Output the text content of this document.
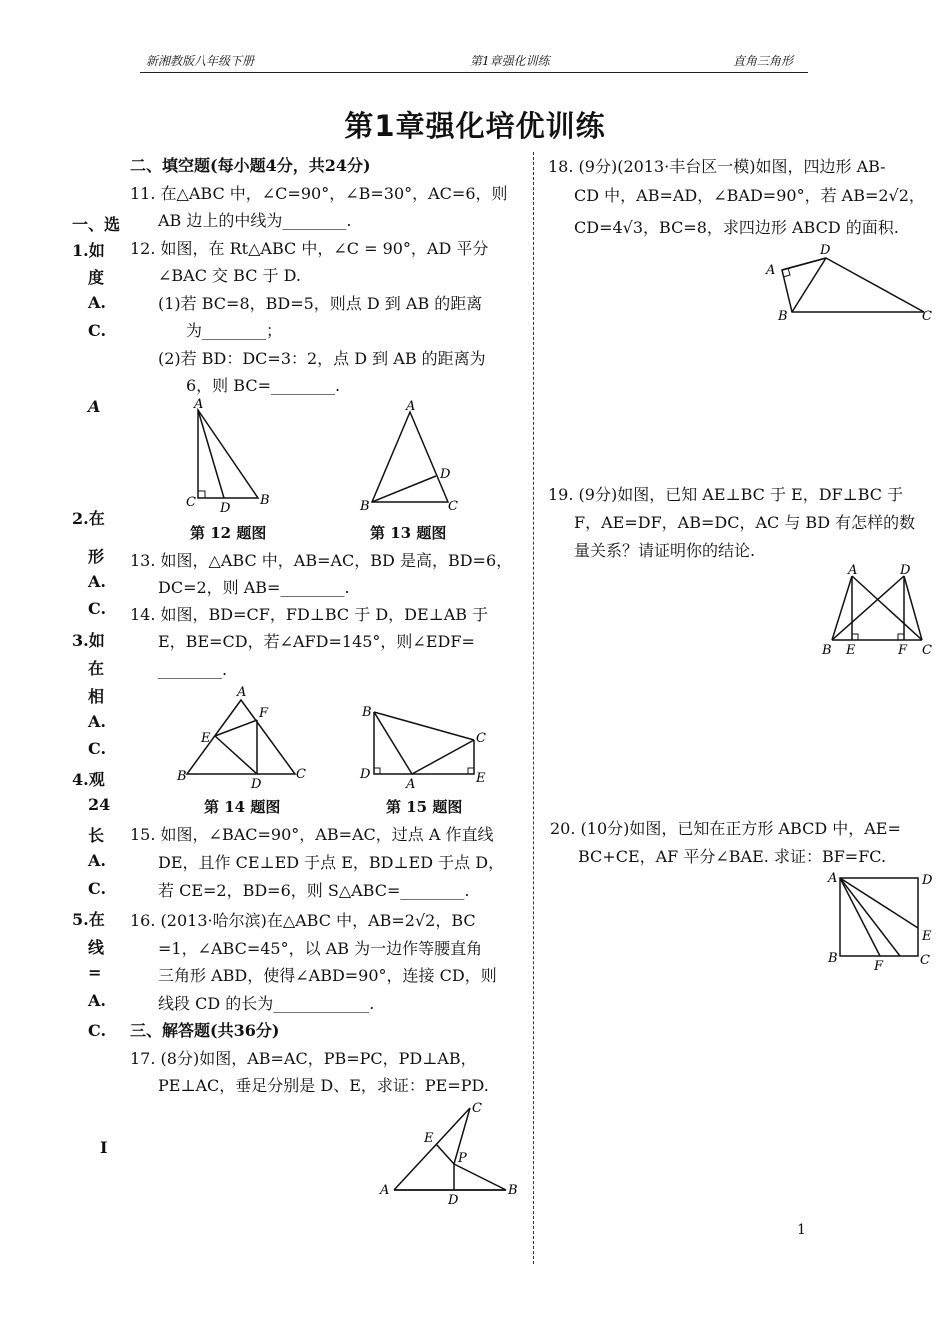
新湘教版八年级下册	第1章强化训练	直角三角形
第1章强化培优训练
一、选
1.如
度
A.
C.
A
2.在
形
A.
C.
3.如
在
相
A.
C.
4.观
24
长
A.
C.
5.在
线
=
A.
C.
I
二、填空题(每小题4分，共24分)
11. 在△ABC 中，∠C=90°，∠B=30°，AC=6，则
AB 边上的中线为________.
12. 如图，在 Rt△ABC 中，∠C = 90°，AD 平分
∠BAC 交 BC 于 D.
(1)若 BC=8，BD=5，则点 D 到 AB 的距离
为________；
(2)若 BD：DC=3：2，点 D 到 AB 的距离为
6，则 BC=________.
A
C D
B
第 12 题图
A
B	C
D
第 13 题图
13. 如图，△ABC 中，AB=AC，BD 是高，BD=6，
DC=2，则 AB=________.
14. 如图，BD=CF，FD⊥BC 于 D，DE⊥AB 于
E，BE=CD，若∠AFD=145°，则∠EDF=
________.
A
F
E
B
D
C
第 14 题图
B
C
D
A	E
第 15 题图
15. 如图，∠BAC=90°，AB=AC，过点 A 作直线
DE，且作 CE⊥ED 于点 E，BD⊥ED 于点 D，
若 CE=2，BD=6，则 S△ABC=________.
16. (2013·哈尔滨)在△ABC 中，AB=2√2，BC
=1，∠ABC=45°，以 AB 为一边作等腰直角
三角形 ABD，使得∠ABD=90°，连接 CD，则
线段 CD 的长为____________.
三、解答题(共36分)
17. (8分)如图，AB=AC，PB=PC，PD⊥AB，
PE⊥AC，垂足分别是 D、E，求证：PE=PD.
C
E
P
A
D
B
18. (9分)(2013·丰台区一模)如图，四边形 AB-
CD 中，AB=AD，∠BAD=90°，若 AB=2√2，
CD=4√3，BC=8，求四边形 ABCD 的面积.
D
A
B	C
19. (9分)如图，已知 AE⊥BC 于 E，DF⊥BC 于
F，AE=DF，AB=DC，AC 与 BD 有怎样的数
量关系？请证明你的结论.
A	D
B E	F C
20. (10分)如图，已知在正方形 ABCD 中，AE=
BC+CE，AF 平分∠BAE. 求证：BF=FC.
A	D
E
B
F	C
1
